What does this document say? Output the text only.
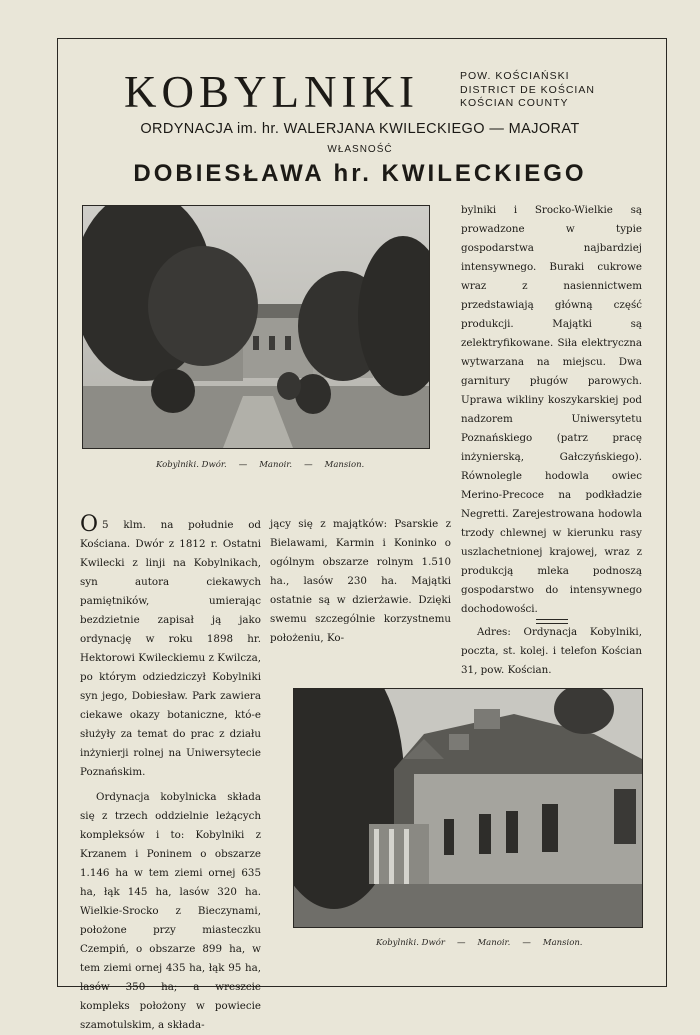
KOBYLNIKI	POW. KOŚCIAŃSKI
DISTRICT DE KOŚCIAN
KOŚCIAN COUNTY
ORDYNACJA im. hr. WALERJANA KWILECKIEGO — MAJORAT
WŁASNOŚĆ
DOBIESŁAWA hr. KWILECKIEGO
Kobylniki. Dwór. — Manoir. — Mansion.

bylniki i Srocko-Wielkie są prowadzone w typie gospodarstwa najbardziej intensywnego. Buraki cukrowe wraz z nasiennictwem przedstawiają główną część produkcji. Majątki są zelektryfikowane. Siła elektryczna wytwarzana na miejscu. Dwa garnitury pługów parowych. Uprawa wikliny koszykarskiej pod nadzorem Uniwersytetu Poznańskiego (patrz pracę inżynierską, Gałczyńskiego). Równolegle hodowla owiec Merino-Precoce na podkładzie Negretti. Zarejestrowana hodowla trzody chlewnej w kierunku rasy uszlachetnionej krajowej, wraz z produkcją mleka podnoszą gospodarstwo do intensywnego dochodowości.

Adres: Ordynacja Kobylniki, poczta, st. kolej. i telefon Kościan 31, pow. Kościan.

O 5 klm. na południe od Kościana. Dwór z 1812 r. Ostatni Kwilecki z linji na Kobylnikach, syn autora ciekawych pamiętników, umierając bezdzietnie zapisał ją jako ordynację w roku 1898 hr. Hektorowi Kwileckiemu z Kwilcza, po którym odziedziczył Kobylniki syn jego, Dobiesław. Park zawiera ciekawe okazy botaniczne, któ-e służyły za temat do prac z działu inżynierji rolnej na Uniwersytecie Poznańskim.

Ordynacja kobylnicka składa się z trzech oddzielnie leżących kompleksów i to: Kobylniki z Krzanem i Poninem o obszarze 1.146 ha w tem ziemi ornej 635 ha, łąk 145 ha, lasów 320 ha. Wielkie-Srocko z Bieczynami, położone przy miasteczku Czempiń, o obszarze 899 ha, w tem ziemi ornej 435 ha, łąk 95 ha, lasów 350 ha; a wreszcie kompleks położony w powiecie szamotulskim, a składa-

jący się z majątków: Psarskie z Bielawami, Karmin i Koninko o ogólnym obszarze rolnym 1.510 ha., lasów 230 ha. Majątki ostatnie są w dzierżawie. Dzięki swemu szczególnie korzystnemu położeniu, Ko-
Kobylniki. Dwór — Manoir. — Mansion.
